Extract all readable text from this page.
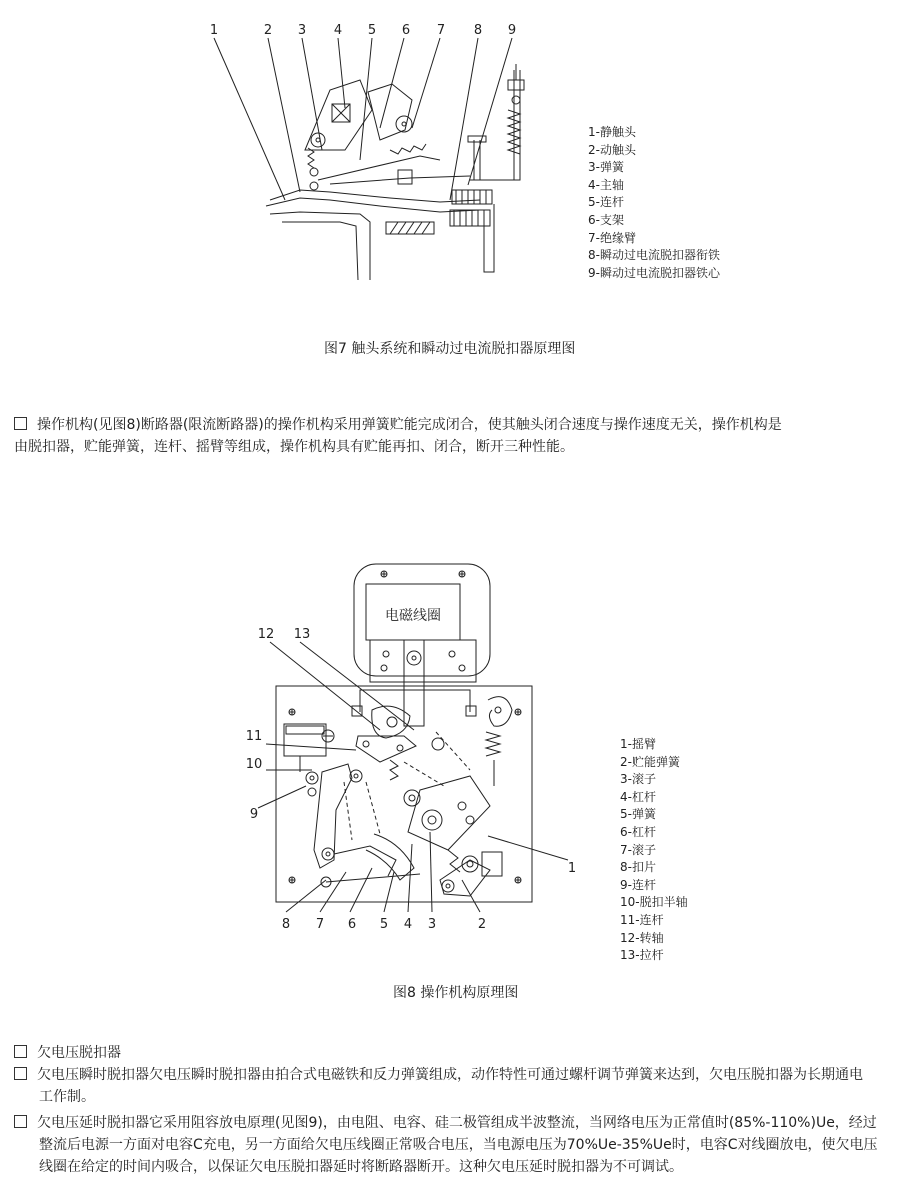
1	2 3 4 5 6 7 8 9
1-静触头
2-动触头
3-弹簧
4-主轴
5-连杆
6-支架
7-绝缘臂
8-瞬动过电流脱扣器衔铁
9-瞬动过电流脱扣器铁心
图7 触头系统和瞬动过电流脱扣器原理图
操作机构(见图8)断路器(限流断路器)的操作机构采用弹簧贮能完成闭合，使其触头闭合速度与操作速度无关，操作机构是
由脱扣器，贮能弹簧，连杆、摇臂等组成，操作机构具有贮能再扣、闭合，断开三种性能。
电磁线圈
12 13
11
10
9
8 7 6 5 4 3	2
1
1-摇臂
2-贮能弹簧
3-滚子
4-杠杆
5-弹簧
6-杠杆
7-滚子
8-扣片
9-连杆
10-脱扣半轴
11-连杆
12-转轴
13-拉杆
图8 操作机构原理图
欠电压脱扣器
欠电压瞬时脱扣器欠电压瞬时脱扣器由拍合式电磁铁和反力弹簧组成，动作特性可通过螺杆调节弹簧来达到，欠电压脱扣器为长期通电
工作制。
欠电压延时脱扣器它采用阻容放电原理(见图9)，由电阻、电容、硅二极管组成半波整流，当网络电压为正常值时(85%-110%)Ue，经过
整流后电源一方面对电容C充电，另一方面给欠电压线圈正常吸合电压，当电源电压为70%Ue-35%Ue时，电容C对线圈放电，使欠电压
线圈在给定的时间内吸合，以保证欠电压脱扣器延时将断路器断开。这种欠电压延时脱扣器为不可调试。
